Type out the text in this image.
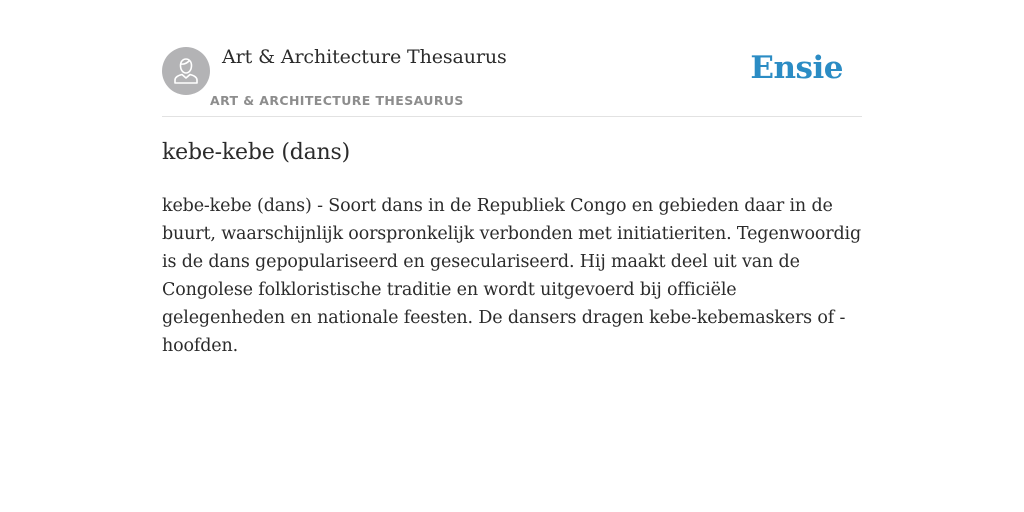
Art & Architecture Thesaurus
ART & ARCHITECTURE THESAURUS
Ensie
kebe-kebe (dans)

kebe-kebe (dans) - Soort dans in de Republiek Congo en gebieden daar in de buurt, waarschijnlijk oorspronkelijk verbonden met initiatieriten. Tegenwoordig is de dans gepopulariseerd en geseculariseerd. Hij maakt deel uit van de Congolese folkloristische traditie en wordt uitgevoerd bij officiële gelegenheden en nationale feesten. De dansers dragen kebe-kebemaskers of -hoofden.
